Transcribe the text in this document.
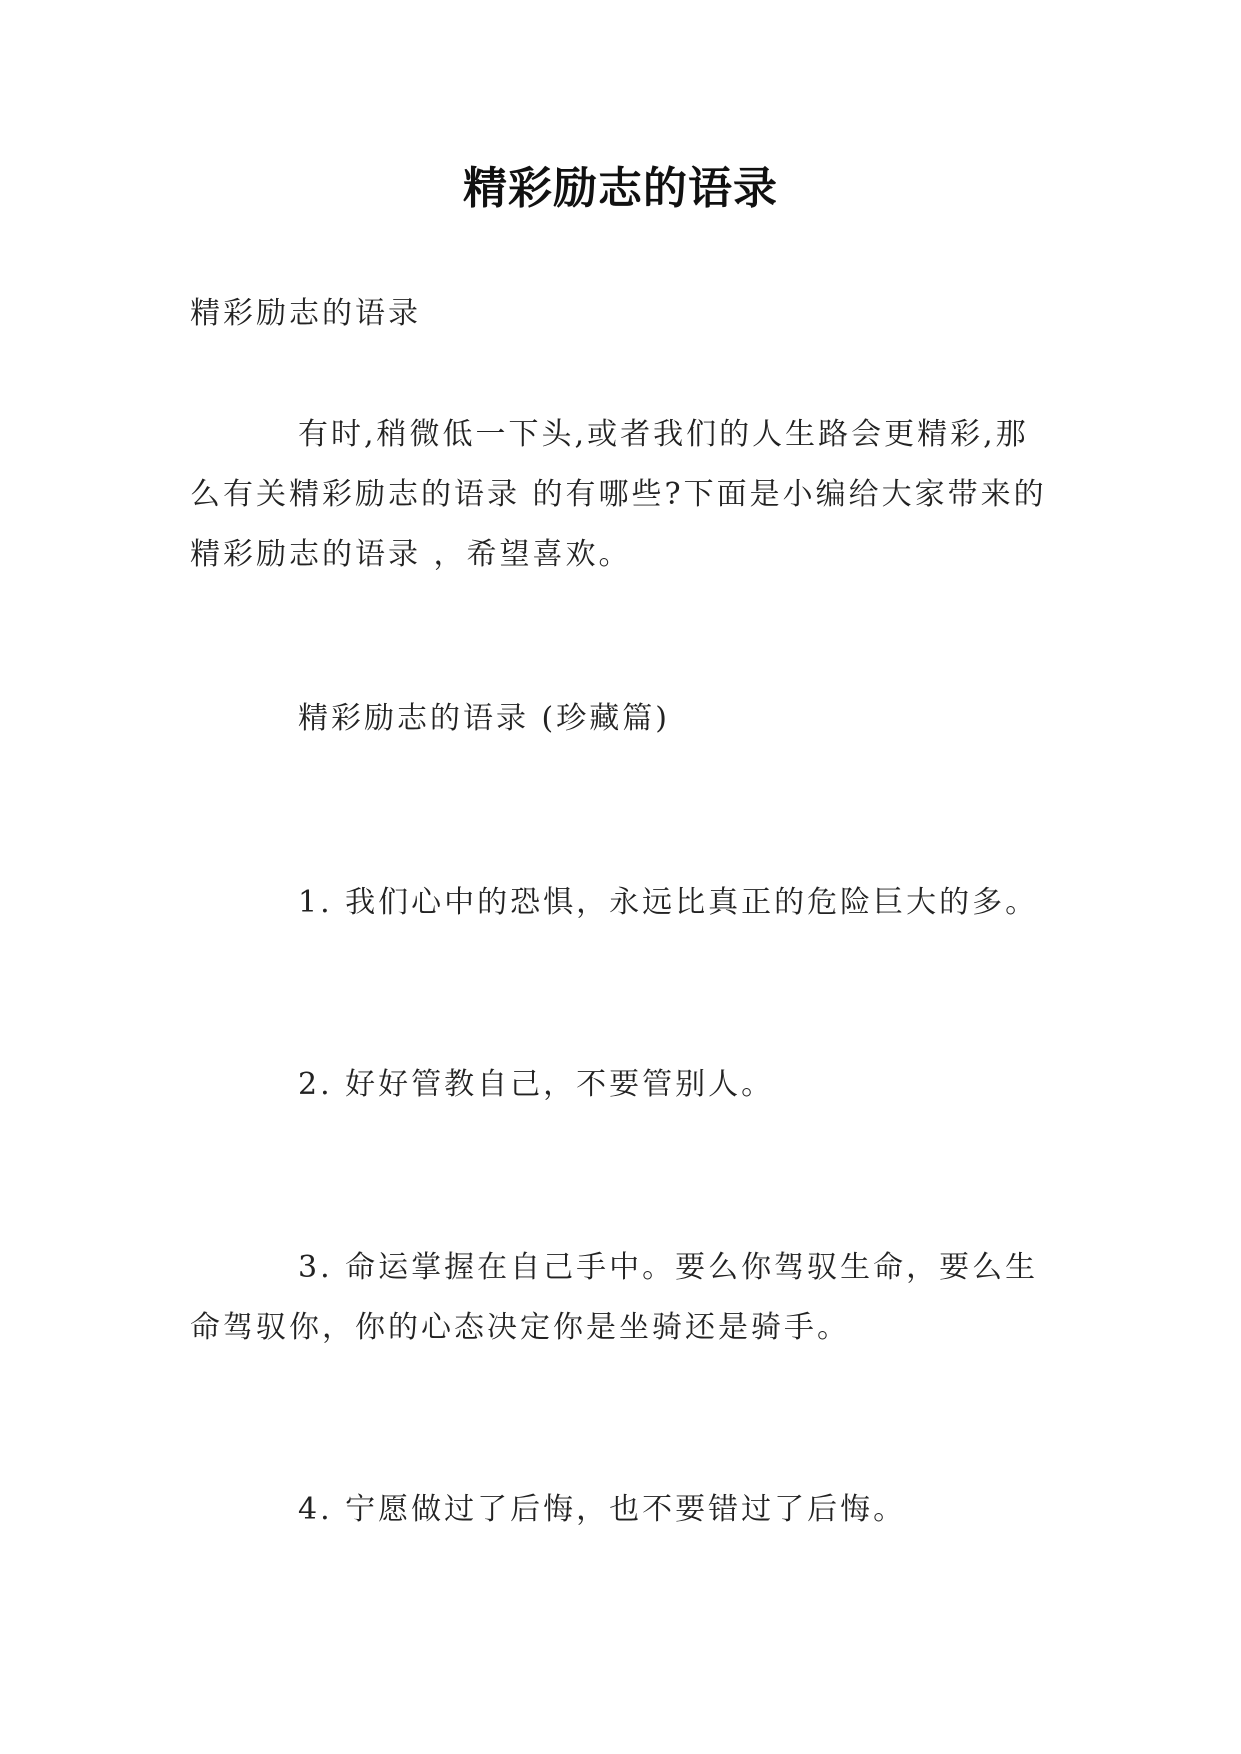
精彩励志的语录

精彩励志的语录

有时,稍微低一下头,或者我们的人生路会更精彩,那么有关精彩励志的语录 的有哪些?下面是小编给大家带来的精彩励志的语录 ，希望喜欢。

精彩励志的语录 (珍藏篇)

1. 我们心中的恐惧，永远比真正的危险巨大的多。

2. 好好管教自己，不要管别人。

3. 命运掌握在自己手中。要么你驾驭生命，要么生命驾驭你，你的心态决定你是坐骑还是骑手。

4. 宁愿做过了后悔，也不要错过了后悔。
